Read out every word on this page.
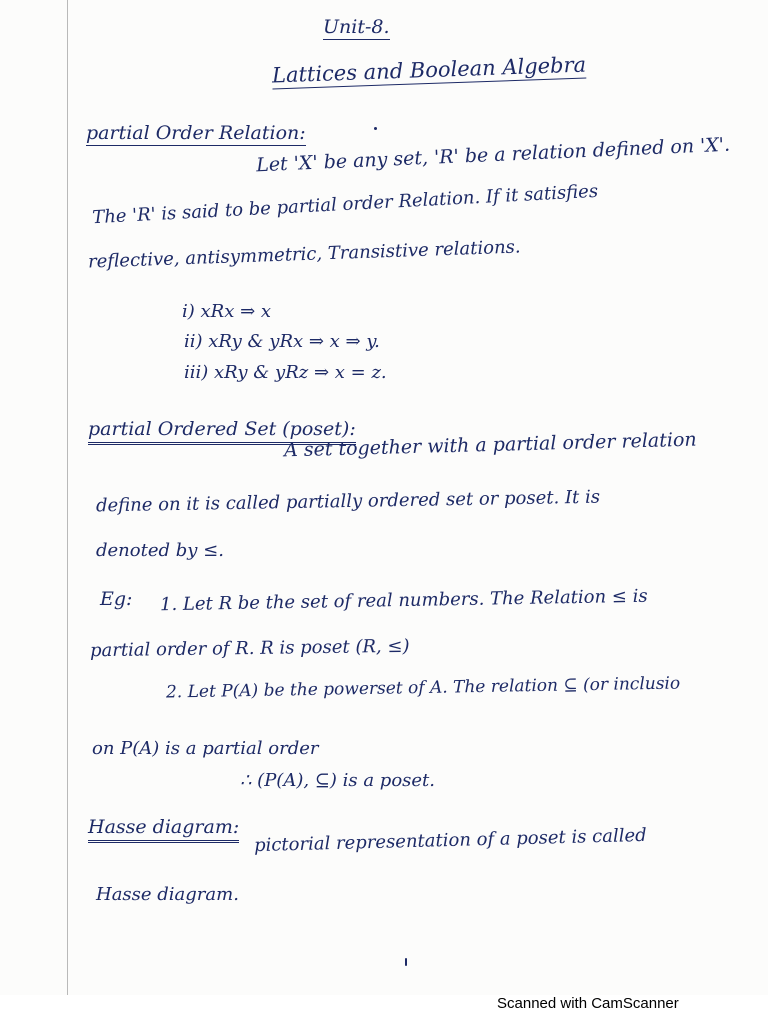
Unit-8.
Lattices and Boolean Algebra
partial Order Relation:
Let 'X' be any set, 'R' be a relation defined on 'X'.
The 'R' is said to be partial order Relation. If it satisfies
reflective, antisymmetric, Transistive relations.
i) xRx ⇒ x
ii) xRy & yRx ⇒ x ⇒ y.
iii) xRy & yRz ⇒ x = z.
partial Ordered Set (poset):
A set together with a partial order relation
define on it is called partially ordered set or poset. It is
denoted by ≤.
Eg: 1. Let R be the set of real numbers. The Relation ≤ is
partial order of R. R is poset (R, ≤)
2. Let P(A) be the powerset of A. The relation ⊆ (or inclusio
on P(A) is a partial order
∴ (P(A), ⊆) is a poset.
Hasse diagram: pictorial representation of a poset is called
Hasse diagram.
Scanned with CamScanner
